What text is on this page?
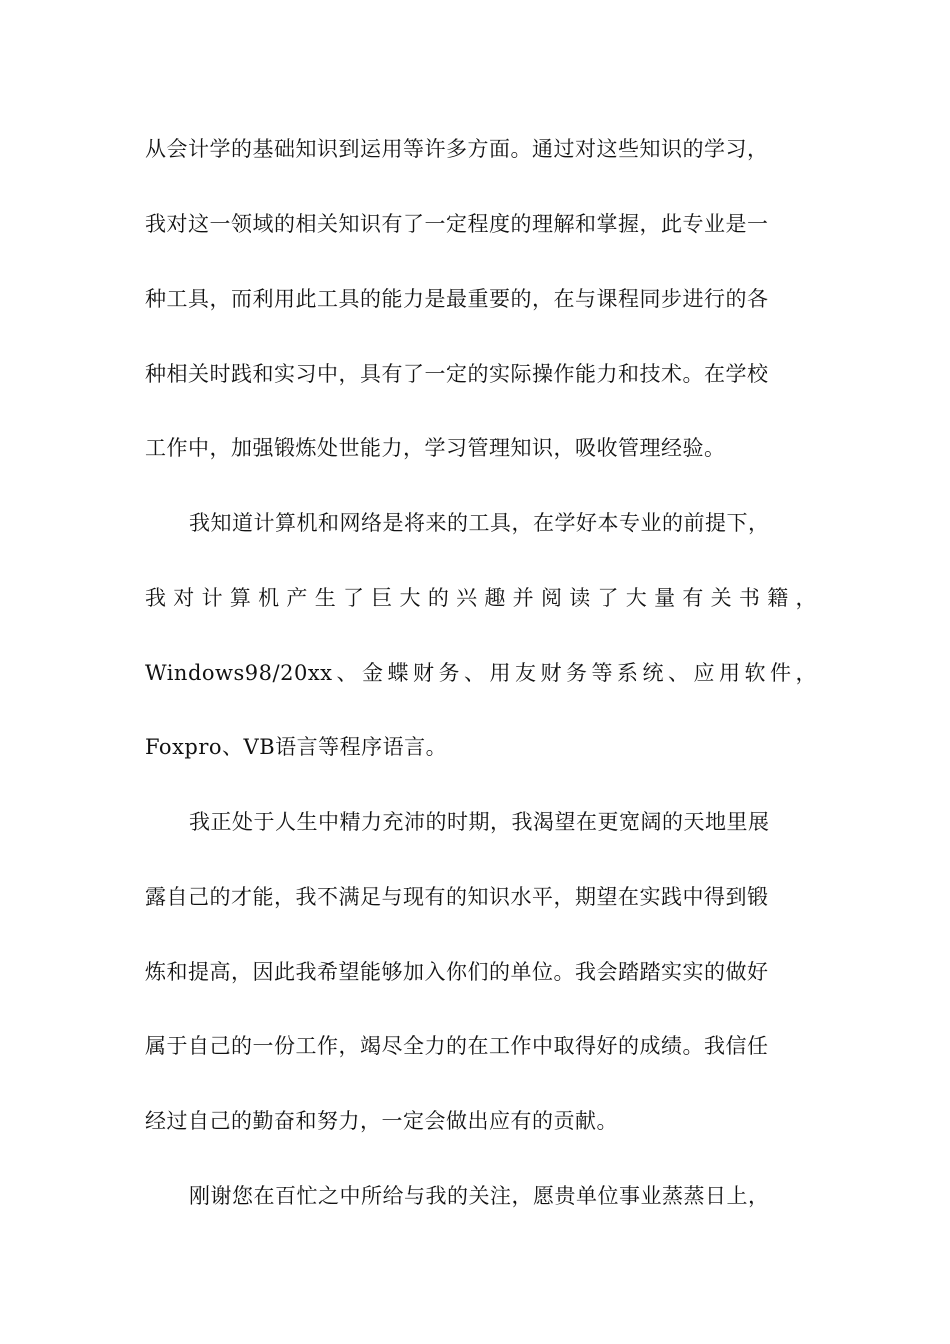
从会计学的基础知识到运用等许多方面。通过对这些知识的学习，
我对这一领域的相关知识有了一定程度的理解和掌握，此专业是一
种工具，而利用此工具的能力是最重要的，在与课程同步进行的各
种相关时践和实习中，具有了一定的实际操作能力和技术。在学校
工作中，加强锻炼处世能力，学习管理知识，吸收管理经验。
我知道计算机和网络是将来的工具，在学好本专业的前提下，
我对计算机产生了巨大的兴趣并阅读了大量有关书籍，
Windows98/20xx、金蝶财务、用友财务等系统、应用软件，
Foxpro、VB语言等程序语言。
我正处于人生中精力充沛的时期，我渴望在更宽阔的天地里展
露自己的才能，我不满足与现有的知识水平，期望在实践中得到锻
炼和提高，因此我希望能够加入你们的单位。我会踏踏实实的做好
属于自己的一份工作，竭尽全力的在工作中取得好的成绩。我信任
经过自己的勤奋和努力，一定会做出应有的贡献。
刚谢您在百忙之中所给与我的关注，愿贵单位事业蒸蒸日上，
